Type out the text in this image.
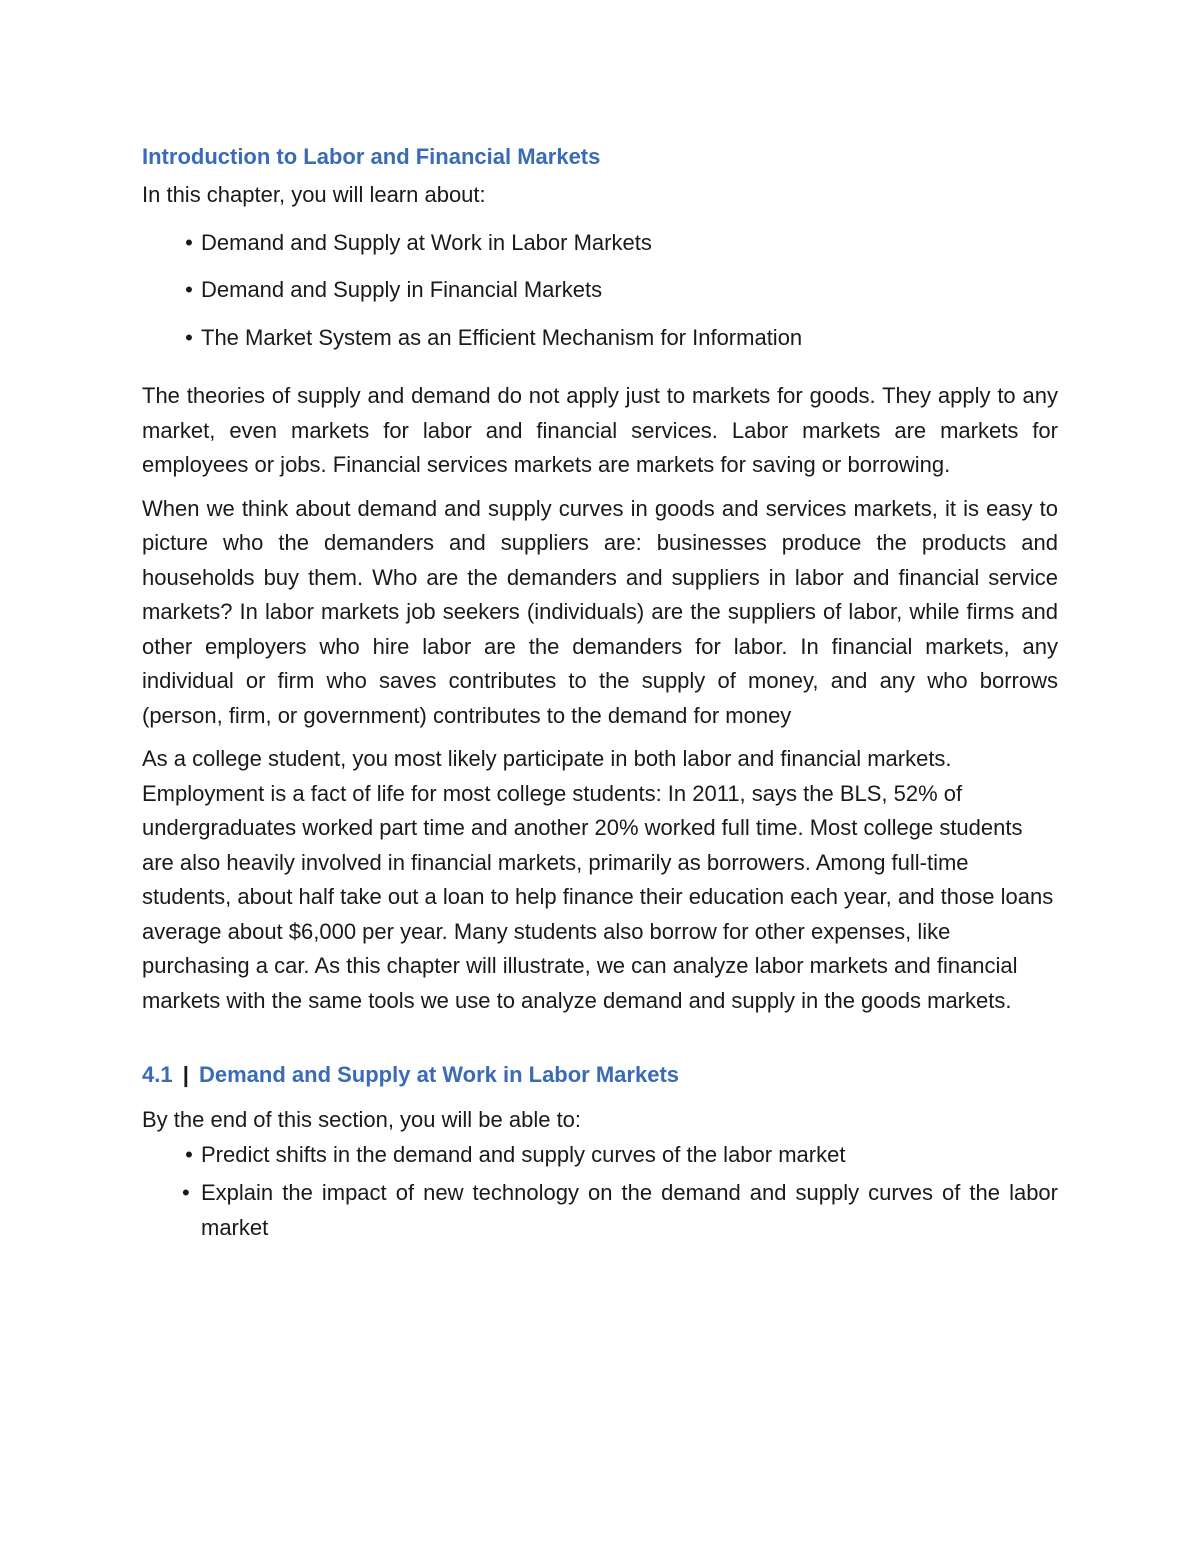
Introduction to Labor and Financial Markets

In this chapter, you will learn about:

• Demand and Supply at Work in Labor Markets
• Demand and Supply in Financial Markets
• The Market System as an Efficient Mechanism for Information

The theories of supply and demand do not apply just to markets for goods. They apply to any market, even markets for labor and financial services. Labor markets are markets for employees or jobs. Financial services markets are markets for saving or borrowing.

When we think about demand and supply curves in goods and services markets, it is easy to picture who the demanders and suppliers are: businesses produce the products and households buy them. Who are the demanders and suppliers in labor and financial service markets? In labor markets job seekers (individuals) are the suppliers of labor, while firms and other employers who hire labor are the demanders for labor. In financial markets, any individual or firm who saves contributes to the supply of money, and any who borrows (person, firm, or government) contributes to the demand for money

As a college student, you most likely participate in both labor and financial markets. Employment is a fact of life for most college students: In 2011, says the BLS, 52% of undergraduates worked part time and another 20% worked full time. Most college students are also heavily involved in financial markets, primarily as borrowers. Among full-time students, about half take out a loan to help finance their education each year, and those loans average about $6,000 per year. Many students also borrow for other expenses, like purchasing a car. As this chapter will illustrate, we can analyze labor markets and financial markets with the same tools we use to analyze demand and supply in the goods markets.

4.1 | Demand and Supply at Work in Labor Markets

By the end of this section, you will be able to:

• Predict shifts in the demand and supply curves of the labor market
• Explain the impact of new technology on the demand and supply curves of the labor market
